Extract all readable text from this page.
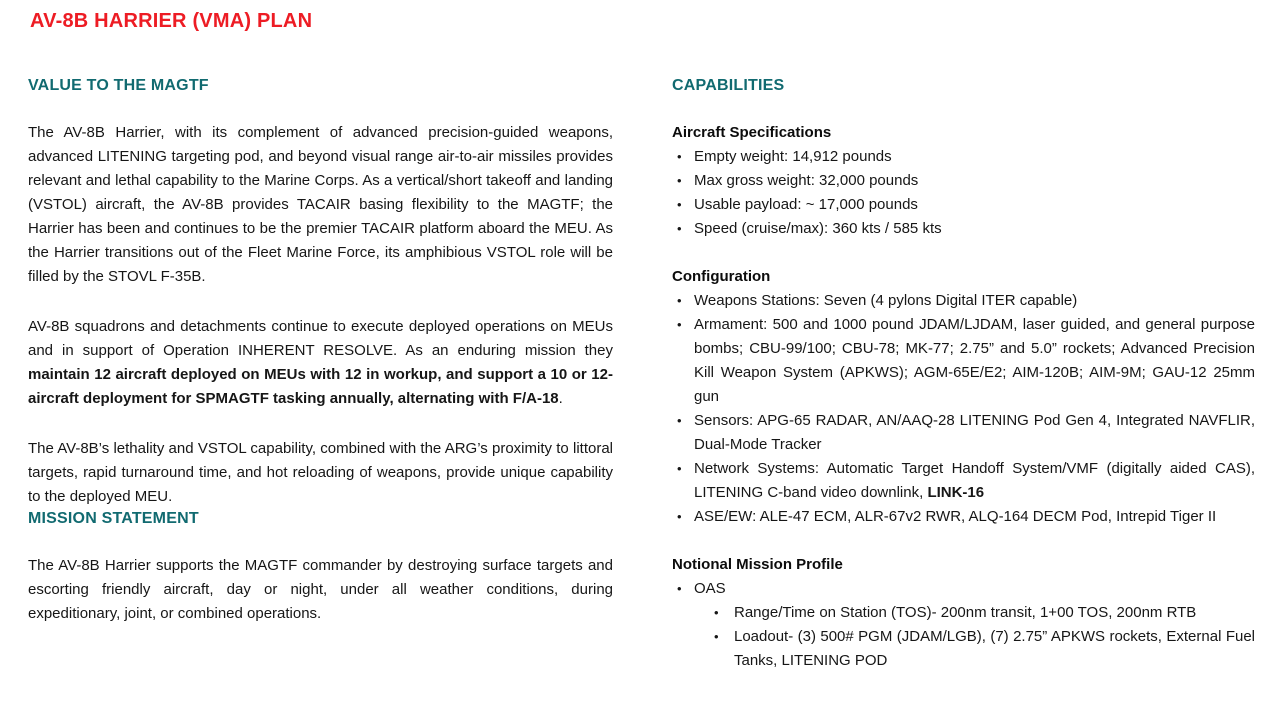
AV-8B HARRIER (VMA) PLAN
VALUE TO THE MAGTF

The AV-8B Harrier, with its complement of advanced precision-guided weapons, advanced LITENING targeting pod, and beyond visual range air-to-air missiles provides relevant and lethal capability to the Marine Corps. As a vertical/short takeoff and landing (VSTOL) aircraft, the AV-8B provides TACAIR basing flexibility to the MAGTF; the Harrier has been and continues to be the premier TACAIR platform aboard the MEU. As the Harrier transitions out of the Fleet Marine Force, its amphibious VSTOL role will be filled by the STOVL F-35B.

AV-8B squadrons and detachments continue to execute deployed operations on MEUs and in support of Operation INHERENT RESOLVE. As an enduring mission they maintain 12 aircraft deployed on MEUs with 12 in workup, and support a 10 or 12-aircraft deployment for SPMAGTF tasking annually, alternating with F/A-18.

The AV-8B’s lethality and VSTOL capability, combined with the ARG’s proximity to littoral targets, rapid turnaround time, and hot reloading of weapons, provide unique capability to the deployed MEU.

MISSION STATEMENT

The AV-8B Harrier supports the MAGTF commander by destroying surface targets and escorting friendly aircraft, day or night, under all weather conditions, during expeditionary, joint, or combined operations.

CAPABILITIES
Aircraft Specifications
• Empty weight: 14,912 pounds
• Max gross weight: 32,000 pounds
• Usable payload: ~ 17,000 pounds
• Speed (cruise/max): 360 kts / 585 kts
Configuration
• Weapons Stations: Seven (4 pylons Digital ITER capable)
• Armament: 500 and 1000 pound JDAM/LJDAM, laser guided, and general purpose bombs; CBU-99/100; CBU-78; MK-77; 2.75” and 5.0” rockets; Advanced Precision Kill Weapon System (APKWS); AGM-65E/E2; AIM-120B; AIM-9M; GAU-12 25mm gun
• Sensors: APG-65 RADAR, AN/AAQ-28 LITENING Pod Gen 4, Integrated NAVFLIR, Dual-Mode Tracker
• Network Systems: Automatic Target Handoff System/VMF (digitally aided CAS), LITENING C-band video downlink, LINK-16
• ASE/EW: ALE-47 ECM, ALR-67v2 RWR, ALQ-164 DECM Pod, Intrepid Tiger II
Notional Mission Profile
• OAS
•	Range/Time on Station (TOS)- 200nm transit, 1+00 TOS, 200nm RTB
•	Loadout- (3) 500# PGM (JDAM/LGB), (7) 2.75” APKWS rockets, External Fuel Tanks, LITENING POD
